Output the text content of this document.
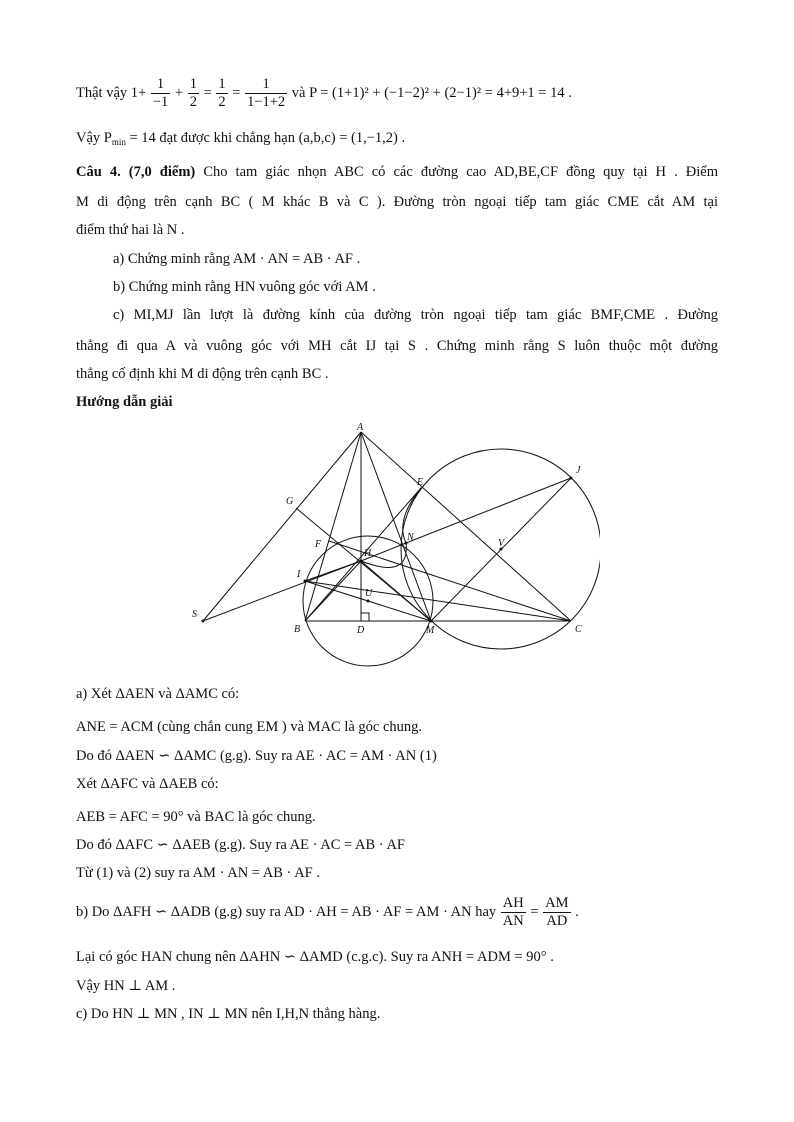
Thật vậy $1+ \frac{1}{-1} + \frac{1}{2} = \frac{1}{2} = \frac{1}{1-1+2}$ và P = (1+1)² + (−1−2)² + (2−1)² = 4+9+1 = 14 .
Vậy $P_{min} = 14$ đạt được khi chẳng hạn (a,b,c) = (1,−1,2) .
Câu 4. (7,0 điểm) Cho tam giác nhọn ABC có các đường cao AD,BE,CF đồng quy tại H . Điểm
M di động trên cạnh BC ( M khác B và C ). Đường tròn ngoại tiếp tam giác CME cắt AM tại
điểm thứ hai là N .
a) Chứng minh rằng AM · AN = AB · AF .
b) Chứng minh rằng HN vuông góc với AM .
c) MI,MJ lần lượt là đường kính của đường tròn ngoại tiếp tam giác BMF,CME . Đường
thẳng đi qua A và vuông góc với MH cắt IJ tại S . Chứng minh rằng S luôn thuộc một đường
thẳng cố định khi M di động trên cạnh BC .
Hướng dẫn giải
A
B	C
D
E
F
G
H
I
J
M
N
S
U
V
a) Xét ΔAEN và ΔAMC có:
ANE = ACM (cùng chắn cung EM ) và MAC là góc chung.
Do đó ΔAEN ∽ ΔAMC (g.g). Suy ra AE · AC = AM · AN (1)
Xét ΔAFC và ΔAEB có:
AEB = AFC = 90° và BAC là góc chung.
Do đó ΔAFC ∽ ΔAEB (g.g). Suy ra AE · AC = AB · AF
Từ (1) và (2) suy ra AM · AN = AB · AF .
b) Do ΔAFH ∽ ΔADB (g.g) suy ra AD · AH = AB · AF = AM · AN hay $\frac{AH}{AN} = \frac{AM}{AD}$ .
Lại có góc HAN chung nên ΔAHN ∽ ΔAMD (c.g.c). Suy ra ANH = ADM = 90° .
Vậy HN ⊥ AM .
c) Do HN ⊥ MN , IN ⊥ MN nên I,H,N thẳng hàng.
